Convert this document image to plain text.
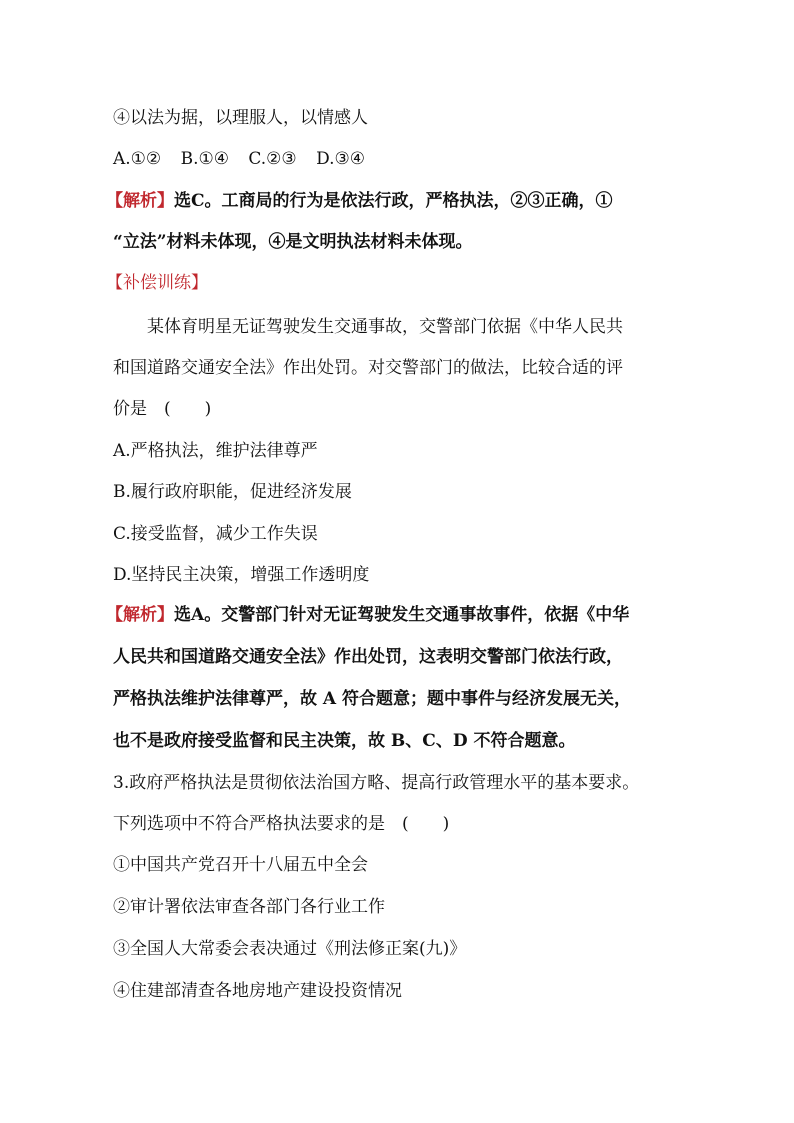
④以法为据，以理服人，以情感人
A.①② B.①④ C.②③ D.③④
【解析】选C。工商局的行为是依法行政，严格执法，②③正确，①
“立法”材料未体现，④是文明执法材料未体现。
【补偿训练】
某体育明星无证驾驶发生交通事故，交警部门依据《中华人民共
和国道路交通安全法》作出处罚。对交警部门的做法，比较合适的评
价是　(　　)
A.严格执法，维护法律尊严
B.履行政府职能，促进经济发展
C.接受监督，减少工作失误
D.坚持民主决策，增强工作透明度
【解析】选A。交警部门针对无证驾驶发生交通事故事件，依据《中华
人民共和国道路交通安全法》作出处罚，这表明交警部门依法行政，
严格执法维护法律尊严，故 A 符合题意；题中事件与经济发展无关，
也不是政府接受监督和民主决策，故 B、C、D 不符合题意。
3.政府严格执法是贯彻依法治国方略、提高行政管理水平的基本要求。
下列选项中不符合严格执法要求的是　(　　)
①中国共产党召开十八届五中全会
②审计署依法审查各部门各行业工作
③全国人大常委会表决通过《刑法修正案(九)》
④住建部清查各地房地产建设投资情况
